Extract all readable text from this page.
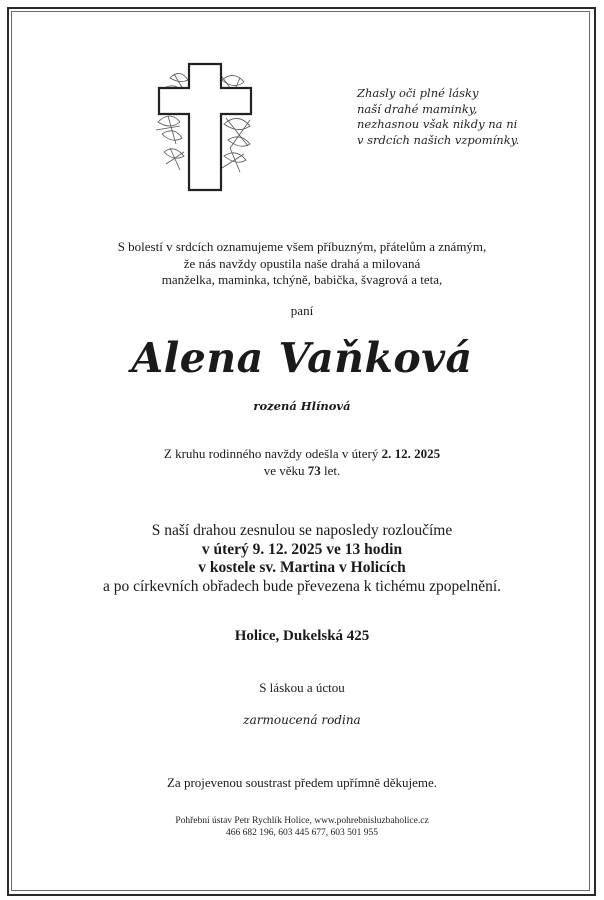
Zhasly oči plné lásky
naší drahé maminky,
nezhasnou však nikdy na ni
v srdcích našich vzpomínky.
S bolestí v srdcích oznamujeme všem příbuzným, přátelům a známým,
že nás navždy opustila naše drahá a milovaná
manželka, maminka, tchýně, babička, švagrová a teta,
paní
Alena Vaňková
rozená Hlínová
Z kruhu rodinného navždy odešla v úterý 2. 12. 2025
ve věku 73 let.
S naší drahou zesnulou se naposledy rozloučíme
v úterý 9. 12. 2025 ve 13 hodin
v kostele sv. Martina v Holicích
a po církevních obřadech bude převezena k tichému zpopelnění.
Holice, Dukelská 425
S láskou a úctou
zarmoucená rodina
Za projevenou soustrast předem upřímně děkujeme.
Pohřební ústav Petr Rychlík Holice, www.pohrebnisluzbaholice.cz
466 682 196, 603 445 677, 603 501 955
